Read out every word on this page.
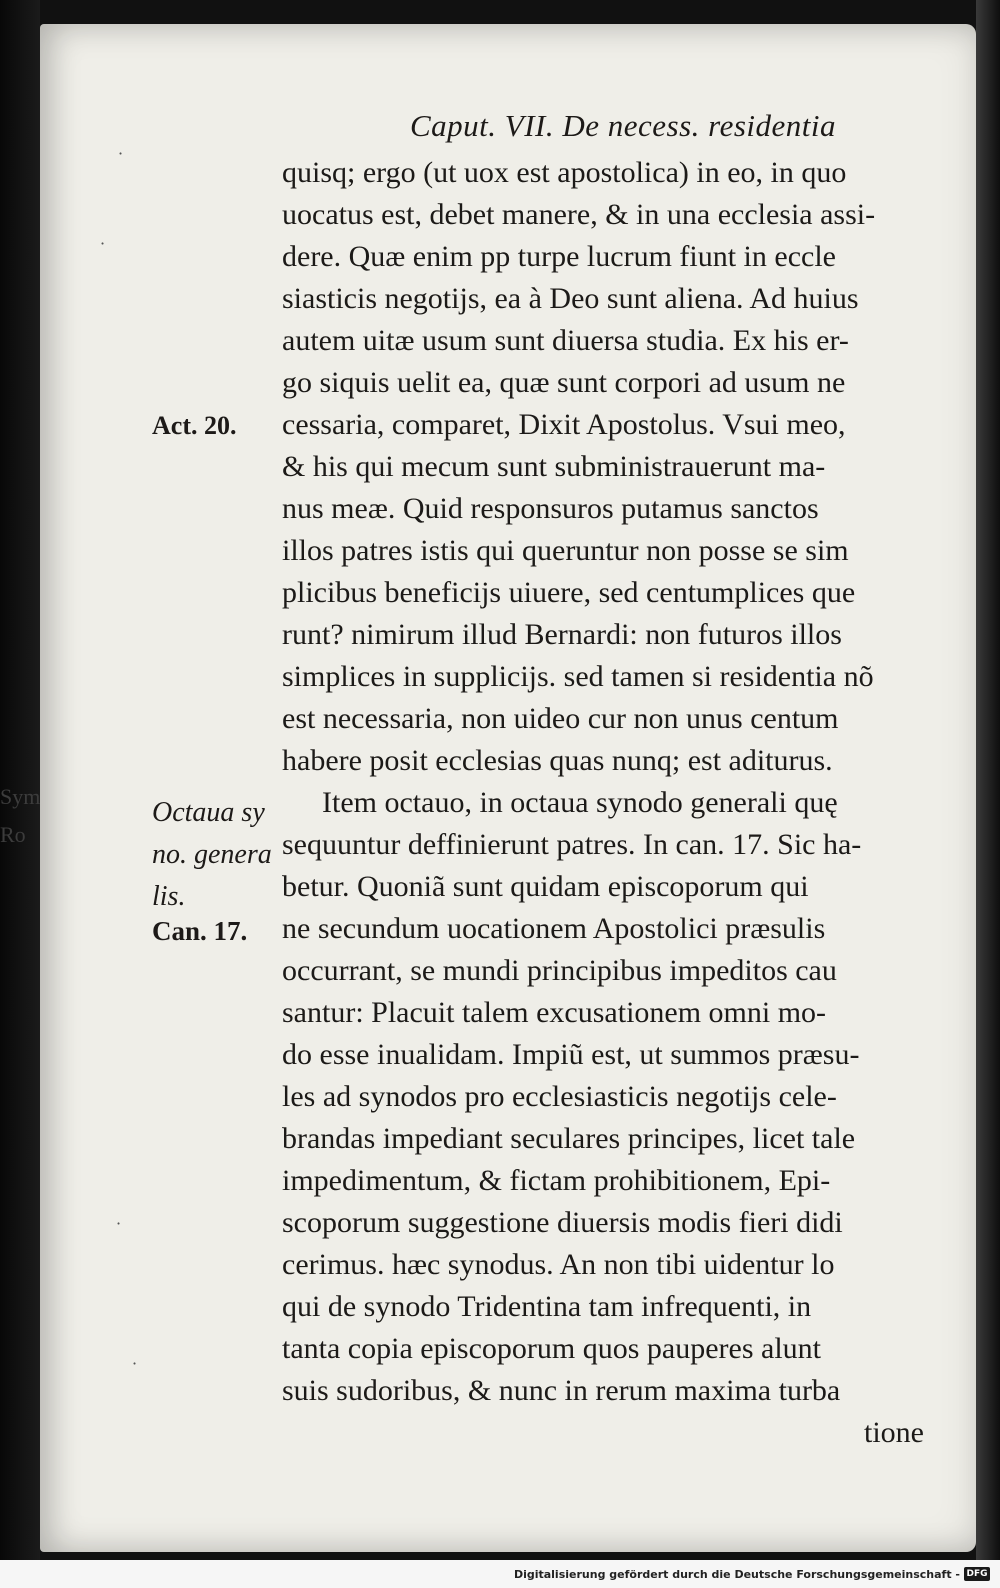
Sym
Ro
Caput. VII. De necess. residentia
Act. 20.
Octaua sy
no. genera
lis.
Can. 17.
·
·
·
·
quisq; ergo (ut uox est apostolica) in eo, in quo
uocatus est, debet manere, & in una ecclesia assi-
dere. Quæ enim pp turpe lucrum fiunt in eccle
siasticis negotijs, ea à Deo sunt aliena. Ad huius
autem uitæ usum sunt diuersa studia. Ex his er-
go siquis uelit ea, quæ sunt corpori ad usum ne
cessaria, comparet, Dixit Apostolus. Vsui meo,
& his qui mecum sunt subministrauerunt ma-
nus meæ. Quid responsuros putamus sanctos
illos patres istis qui queruntur non posse se sim
plicibus beneficijs uiuere, sed centumplices que
runt? nimirum illud Bernardi: non futuros illos
simplices in supplicijs. sed tamen si residentia nõ
est necessaria, non uideo cur non unus centum
habere posit ecclesias quas nunq; est aditurus.
Item octauo, in octaua synodo generali quę
sequuntur deffinierunt patres. In can. 17. Sic ha-
betur. Quoniã sunt quidam episcoporum qui
ne secundum uocationem Apostolici præsulis
occurrant, se mundi principibus impeditos cau
santur: Placuit talem excusationem omni mo-
do esse inualidam. Impiũ est, ut summos præsu-
les ad synodos pro ecclesiasticis negotijs cele-
brandas impediant seculares principes, licet tale
impedimentum, & fictam prohibitionem, Epi-
scoporum suggestione diuersis modis fieri didi
cerimus. hæc synodus. An non tibi uidentur lo
qui de synodo Tridentina tam infrequenti, in
tanta copia episcoporum quos pauperes alunt
suis sudoribus, & nunc in rerum maxima turba
tione
Digitalisierung gefördert durch die Deutsche Forschungsgemeinschaft - DFG
